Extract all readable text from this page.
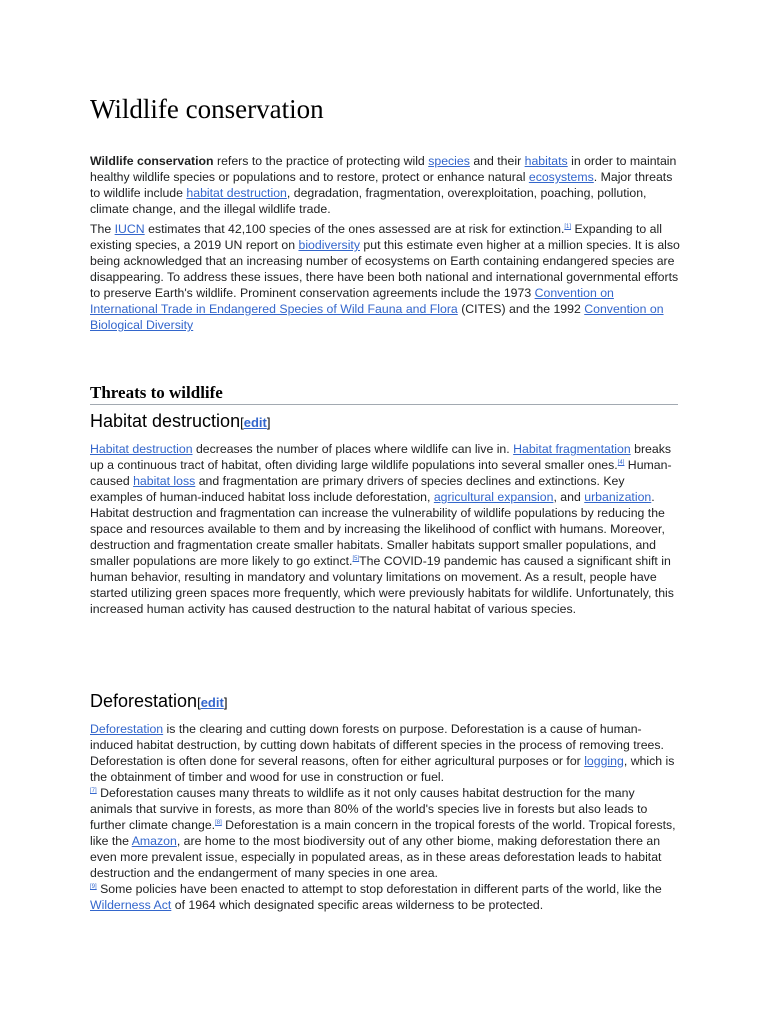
Wildlife conservation

Wildlife conservation refers to the practice of protecting wild species and their habitats in order to maintain healthy wildlife species or populations and to restore, protect or enhance natural ecosystems. Major threats to wildlife include habitat destruction, degradation, fragmentation, overexploitation, poaching, pollution, climate change, and the illegal wildlife trade.

The IUCN estimates that 42,100 species of the ones assessed are at risk for extinction.[1] Expanding to all existing species, a 2019 UN report on biodiversity put this estimate even higher at a million species. It is also being acknowledged that an increasing number of ecosystems on Earth containing endangered species are disappearing. To address these issues, there have been both national and international governmental efforts to preserve Earth's wildlife. Prominent conservation agreements include the 1973 Convention on International Trade in Endangered Species of Wild Fauna and Flora (CITES) and the 1992 Convention on Biological Diversity

Threats to wildlife
Habitat destruction[edit]

Habitat destruction decreases the number of places where wildlife can live in. Habitat fragmentation breaks up a continuous tract of habitat, often dividing large wildlife populations into several smaller ones.[4] Human-caused habitat loss and fragmentation are primary drivers of species declines and extinctions. Key examples of human-induced habitat loss include deforestation, agricultural expansion, and urbanization. Habitat destruction and fragmentation can increase the vulnerability of wildlife populations by reducing the space and resources available to them and by increasing the likelihood of conflict with humans. Moreover, destruction and fragmentation create smaller habitats. Smaller habitats support smaller populations, and smaller populations are more likely to go extinct.[5]The COVID-19 pandemic has caused a significant shift in human behavior, resulting in mandatory and voluntary limitations on movement. As a result, people have started utilizing green spaces more frequently, which were previously habitats for wildlife. Unfortunately, this increased human activity has caused destruction to the natural habitat of various species.

Deforestation[edit]

Deforestation is the clearing and cutting down forests on purpose. Deforestation is a cause of human-induced habitat destruction, by cutting down habitats of different species in the process of removing trees. Deforestation is often done for several reasons, often for either agricultural purposes or for logging, which is the obtainment of timber and wood for use in construction or fuel.
[7] Deforestation causes many threats to wildlife as it not only causes habitat destruction for the many animals that survive in forests, as more than 80% of the world's species live in forests but also leads to further climate change.[8] Deforestation is a main concern in the tropical forests of the world. Tropical forests, like the Amazon, are home to the most biodiversity out of any other biome, making deforestation there an even more prevalent issue, especially in populated areas, as in these areas deforestation leads to habitat destruction and the endangerment of many species in one area.
[9] Some policies have been enacted to attempt to stop deforestation in different parts of the world, like the Wilderness Act of 1964 which designated specific areas wilderness to be protected.
